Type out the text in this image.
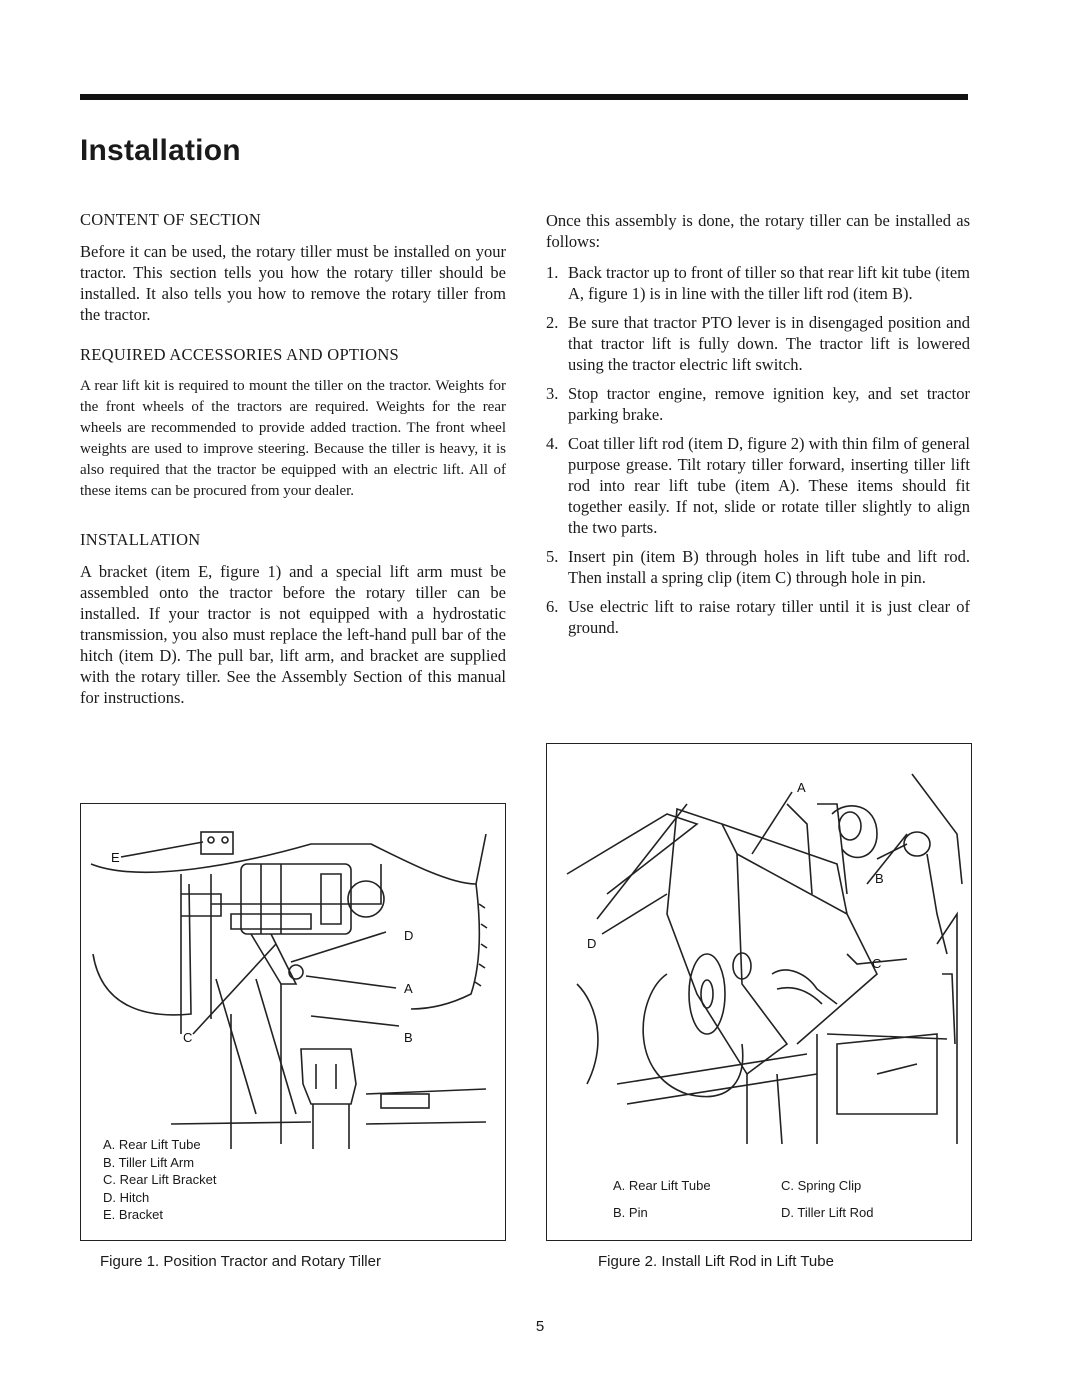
Installation
CONTENT OF SECTION
Before it can be used, the rotary tiller must be installed on your tractor. This section tells you how the rotary tiller should be installed. It also tells you how to remove the rotary tiller from the tractor.
REQUIRED ACCESSORIES AND OPTIONS
A rear lift kit is required to mount the tiller on the tractor. Weights for the front wheels of the tractors are required. Weights for the rear wheels are recommended to provide added traction. The front wheel weights are used to improve steering. Because the tiller is heavy, it is also required that the tractor be equipped with an electric lift. All of these items can be procured from your dealer.
INSTALLATION
A bracket (item E, figure 1) and a special lift arm must be assembled onto the tractor before the rotary tiller can be installed. If your tractor is not equipped with a hydrostatic transmission, you also must replace the left-hand pull bar of the hitch (item D). The pull bar, lift arm, and bracket are supplied with the rotary tiller. See the Assembly Section of this manual for instructions.
Once this assembly is done, the rotary tiller can be installed as follows:
1. Back tractor up to front of tiller so that rear lift kit tube (item A, figure 1) is in line with the tiller lift rod (item B).
2. Be sure that tractor PTO lever is in disengaged position and that tractor lift is fully down. The tractor lift is lowered using the tractor electric lift switch.
3. Stop tractor engine, remove ignition key, and set tractor parking brake.
4. Coat tiller lift rod (item D, figure 2) with thin film of general purpose grease. Tilt rotary tiller forward, inserting tiller lift rod into rear lift tube (item A). These items should fit together easily. If not, slide or rotate tiller slightly to align the two parts.
5. Insert pin (item B) through holes in lift tube and lift rod. Then install a spring clip (item C) through hole in pin.
6. Use electric lift to raise rotary tiller until it is just clear of ground.
E
C
D
A
B
A. Rear Lift Tube
B. Tiller Lift Arm
C. Rear Lift Bracket
D. Hitch
E. Bracket
Figure 1. Position Tractor and Rotary Tiller
A
D
B
C
A. Rear Lift Tube
B. Pin
C. Spring Clip
D. Tiller Lift Rod
Figure 2. Install Lift Rod in Lift Tube
5
